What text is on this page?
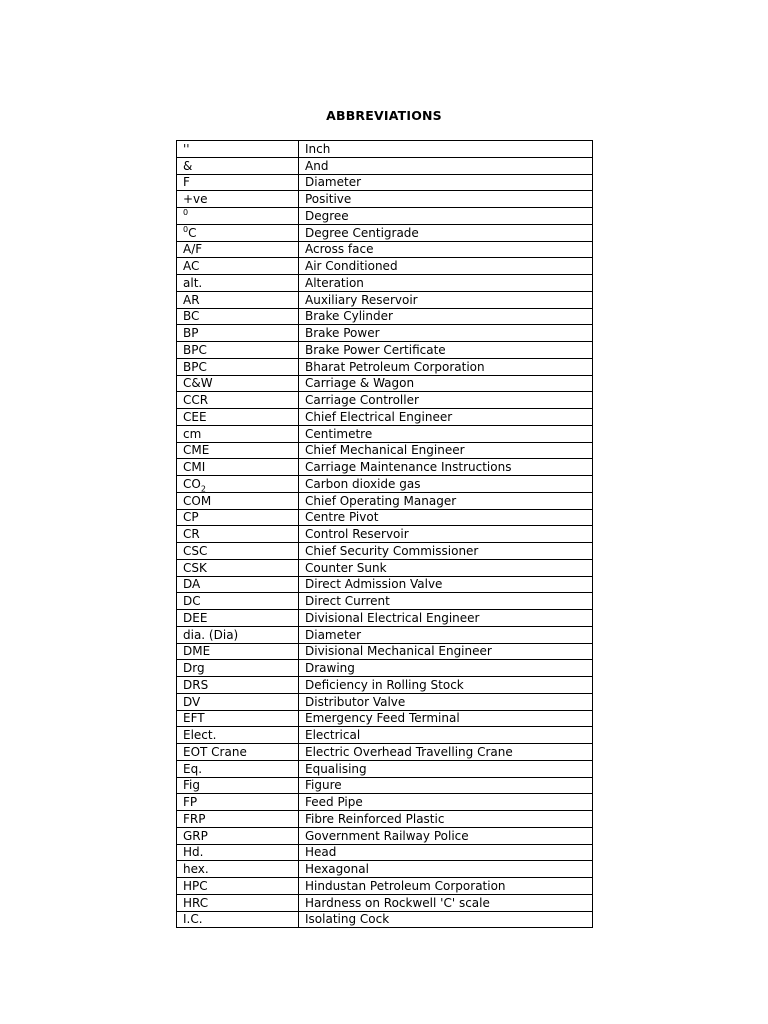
ABBREVIATIONS
''	Inch
&	And
F	Diameter
+ve	Positive
$^0$	Degree
$^0$C	Degree Centigrade
A/F	Across face
AC	Air Conditioned
alt.	Alteration
AR	Auxiliary Reservoir
BC	Brake Cylinder
BP	Brake Power
BPC	Brake Power Certificate
BPC	Bharat Petroleum Corporation
C&W	Carriage & Wagon
CCR	Carriage Controller
CEE	Chief Electrical Engineer
cm	Centimetre
CME	Chief Mechanical Engineer
CMI	Carriage Maintenance Instructions
$CO_2$	Carbon dioxide gas
COM	Chief Operating Manager
CP	Centre Pivot
CR	Control Reservoir
CSC	Chief Security Commissioner
CSK	Counter Sunk
DA	Direct Admission Valve
DC	Direct Current
DEE	Divisional Electrical Engineer
dia. (Dia)	Diameter
DME	Divisional Mechanical Engineer
Drg	Drawing
DRS	Deficiency in Rolling Stock
DV	Distributor Valve
EFT	Emergency Feed Terminal
Elect.	Electrical
EOT Crane	Electric Overhead Travelling Crane
Eq.	Equalising
Fig	Figure
FP	Feed Pipe
FRP	Fibre Reinforced Plastic
GRP	Government Railway Police
Hd.	Head
hex.	Hexagonal
HPC	Hindustan Petroleum Corporation
HRC	Hardness on Rockwell 'C' scale
I.C.	Isolating Cock
